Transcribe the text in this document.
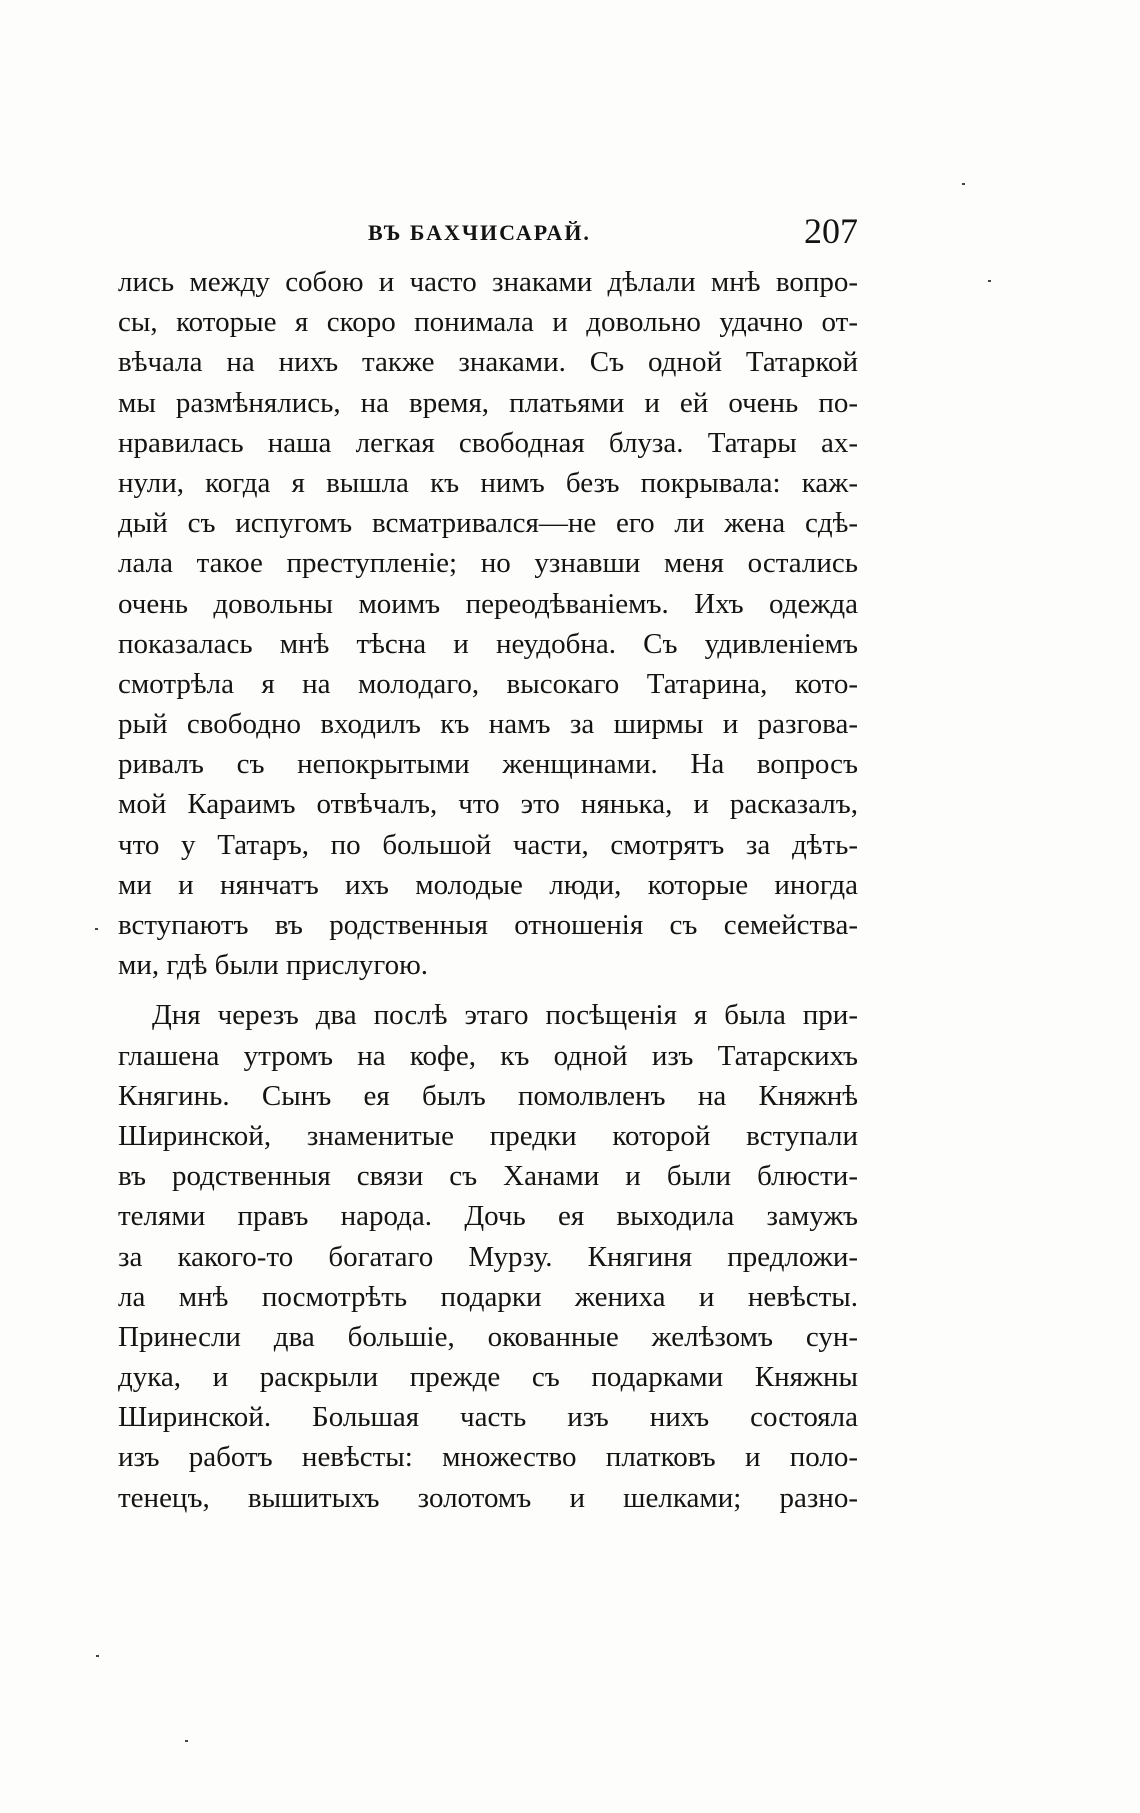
ВЪ БАХЧИСАРАЙ.	207
лись между собою и часто знаками дѣлали мнѣ вопро-
сы, которые я скоро понимала и довольно удачно от-
вѣчала на нихъ также знаками. Съ одной Татаркой
мы размѣнялись, на время, платьями и ей очень по-
нравилась наша легкая свободная блуза. Татары ах-
нули, когда я вышла къ нимъ безъ покрывала: каж-
дый съ испугомъ всматривался—не его ли жена сдѣ-
лала такое преступленіе; но узнавши меня остались
очень довольны моимъ переодѣваніемъ. Ихъ одежда
показалась мнѣ тѣсна и неудобна. Съ удивленіемъ
смотрѣла я на молодаго, высокаго Татарина, кото-
рый свободно входилъ къ намъ за ширмы и разгова-
ривалъ съ непокрытыми женщинами. На вопросъ
мой Караимъ отвѣчалъ, что это нянька, и расказалъ,
что у Татаръ, по большой части, смотрятъ за дѣть-
ми и нянчатъ ихъ молодые люди, которые иногда
вступаютъ въ родственныя отношенія съ семейства-
ми, гдѣ были прислугою.
Дня черезъ два послѣ этаго посѣщенія я была при-
глашена утромъ на кофе, къ одной изъ Татарскихъ
Княгинь. Сынъ ея былъ помолвленъ на Княжнѣ
Ширинской, знаменитые предки которой вступали
въ родственныя связи съ Ханами и были блюсти-
телями правъ народа. Дочь ея выходила замужъ
за какого-то богатаго Мурзу. Княгиня предложи-
ла мнѣ посмотрѣть подарки жениха и невѣсты.
Принесли два большіе, окованные желѣзомъ сун-
дука, и раскрыли прежде съ подарками Княжны
Ширинской. Большая часть изъ нихъ состояла
изъ работъ невѣсты: множество платковъ и поло-
тенецъ, вышитыхъ золотомъ и шелками; разно-
